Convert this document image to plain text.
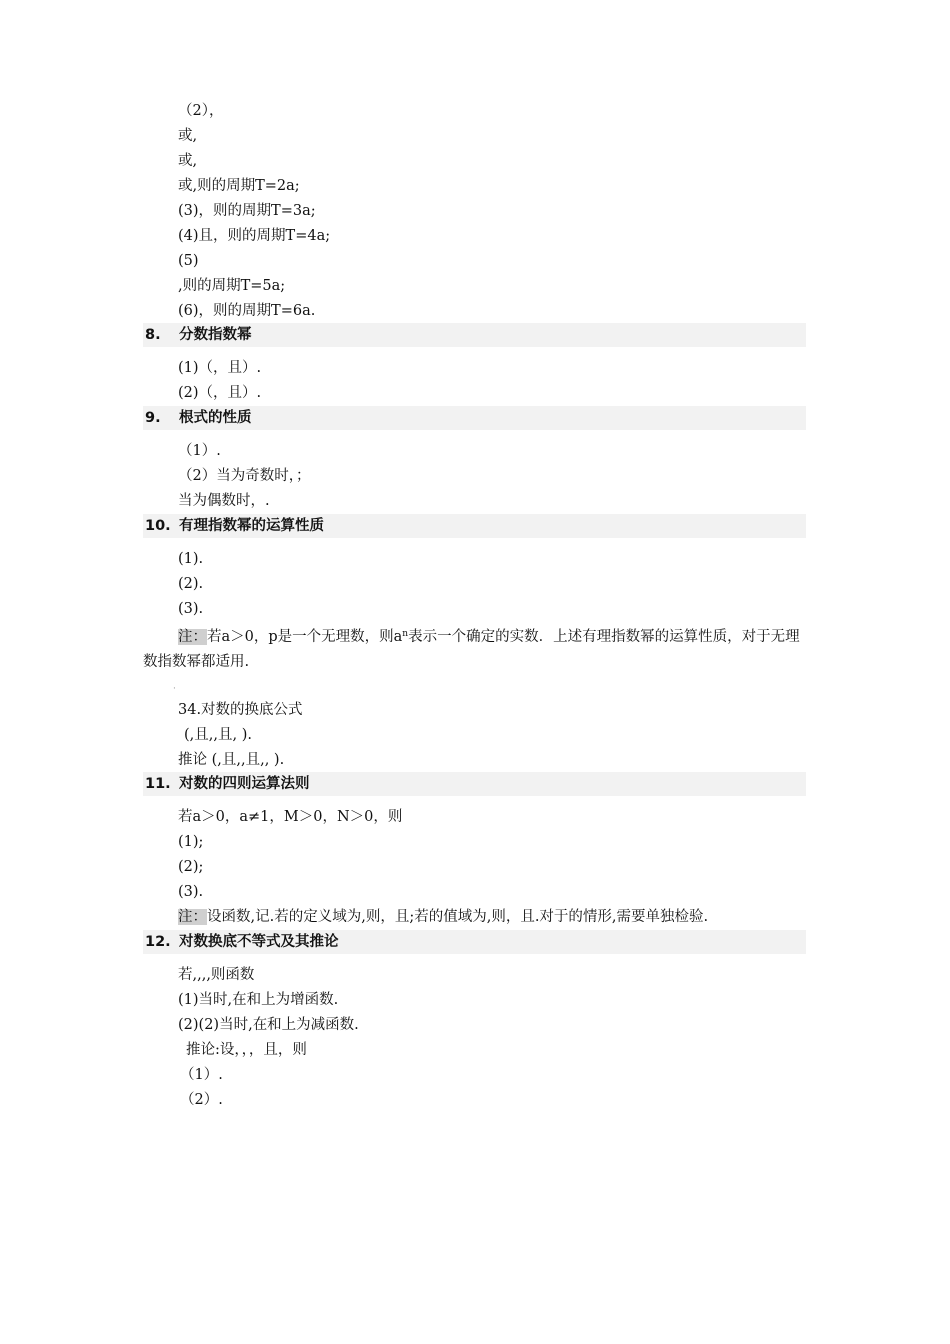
（2），
或,
或,
或,则的周期T=2a;
(3)，则的周期T=3a;
(4)且，则的周期T=4a;
(5)
,则的周期T=5a;
(6)，则的周期T=6a.
8. 分数指数幂
(1)（，且）.
(2)（，且）.
9. 根式的性质
（1）.
（2）当为奇数时，；
当为偶数时，.
10. 有理指数幂的运算性质
(1).
(2).
(3).
注：若a＞0，p是一个无理数，则$a^n$表示一个确定的实数．上述有理指数幂的运算性质，对于无理数指数幂都适用.
·
34.对数的换底公式
(,且,,且, ).
推论 (,且,,且,, ).
11. 对数的四则运算法则
若a＞0，a≠1，M＞0，N＞0，则
(1);
(2);
(3).
注：设函数,记.若的定义域为,则，且;若的值域为,则，且.对于的情形,需要单独检验.
12. 对数换底不等式及其推论
若,,,,则函数
(1)当时,在和上为增函数.
(2)(2)当时,在和上为减函数.
推论:设，，，且，则
（1）.
（2）.
